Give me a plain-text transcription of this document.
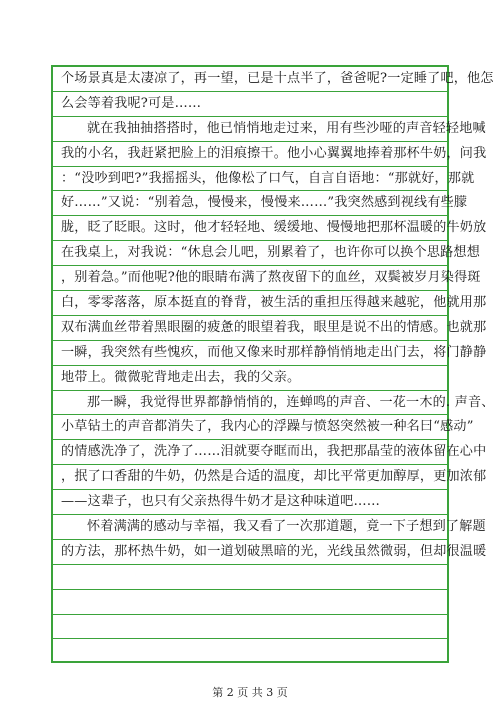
个场景真是太凄凉了，再一望，已是十点半了，爸爸呢?一定睡了吧，他怎
么会等着我呢?可是……
就在我抽抽搭搭时，他已悄悄地走过来，用有些沙哑的声音轻轻地喊
我的小名，我赶紧把脸上的泪痕擦干。他小心翼翼地捧着那杯牛奶，问我
：“没吵到吧?”我摇摇头，他像松了口气，自言自语地：“那就好，那就
好……”又说：“别着急，慢慢来，慢慢来……”我突然感到视线有些朦
胧，眨了眨眼。这时，他才轻轻地、缓缓地、慢慢地把那杯温暖的牛奶放
在我桌上，对我说：“休息会儿吧，别累着了，也许你可以换个思路想想
，别着急。”而他呢?他的眼睛布满了熬夜留下的血丝，双鬓被岁月染得斑
白，零零落落，原本挺直的脊背，被生活的重担压得越来越驼，他就用那
双布满血丝带着黑眼圈的疲惫的眼望着我，眼里是说不出的情感。也就那
一瞬，我突然有些愧疚，而他又像来时那样静悄悄地走出门去，将门静静
地带上。微微驼背地走出去，我的父亲。
那一瞬，我觉得世界都静悄悄的，连蝉鸣的声音、一花一木的. 声音、
小草钻土的声音都消失了，我内心的浮躁与愤怒突然被一种名曰“感动”
的情感洗净了，洗净了……泪就要夺眶而出，我把那晶莹的液体留在心中
，抿了口香甜的牛奶，仍然是合适的温度，却比平常更加醇厚，更加浓郁
——这辈子，也只有父亲热得牛奶才是这种味道吧……
怀着满满的感动与幸福，我又看了一次那道题，竟一下子想到了解题
的方法，那杯热牛奶，如一道划破黑暗的光，光线虽然微弱，但却很温暖
第 2 页 共 3 页
